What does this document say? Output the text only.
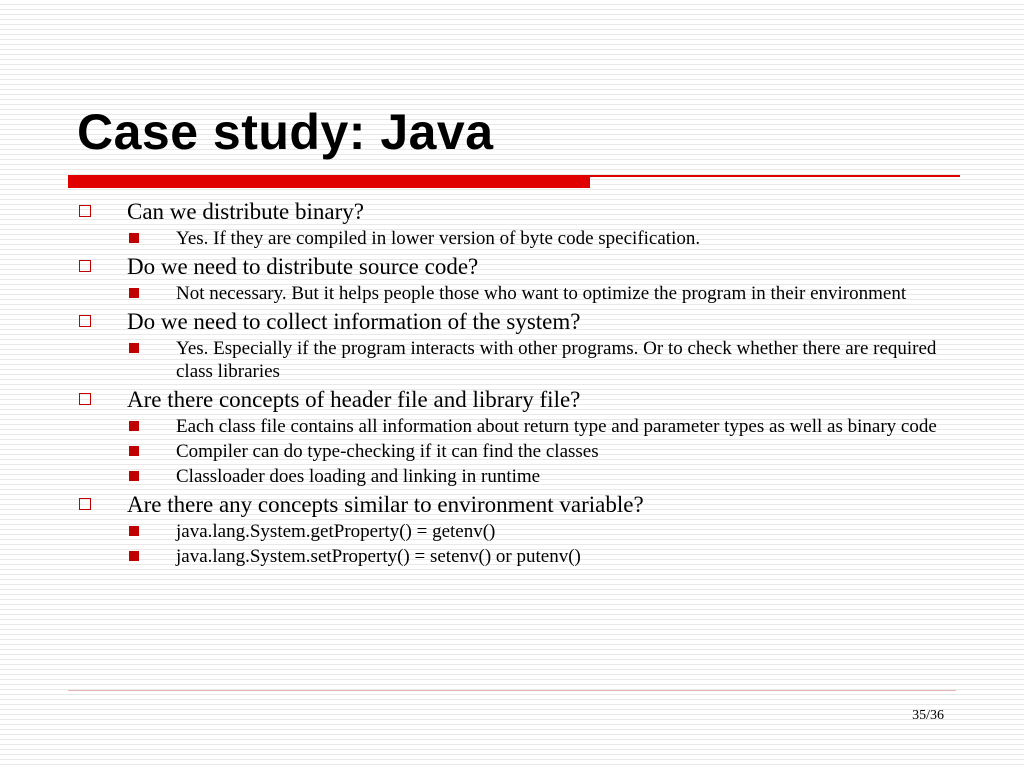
Case study: Java
Can we distribute binary?
Yes. If they are compiled in lower version of byte code specification.
Do we need to distribute source code?
Not necessary. But it helps people those who want to optimize the program in their environment
Do we need to collect information of the system?
Yes. Especially if the program interacts with other programs. Or to check whether there are required class libraries
Are there concepts of header file and library file?
Each class file contains all information about return type and parameter types as well as binary code
Compiler can do type-checking if it can find the classes
Classloader does loading and linking in runtime
Are there any concepts similar to environment variable?
java.lang.System.getProperty() = getenv()
java.lang.System.setProperty() = setenv() or putenv()
35/36
